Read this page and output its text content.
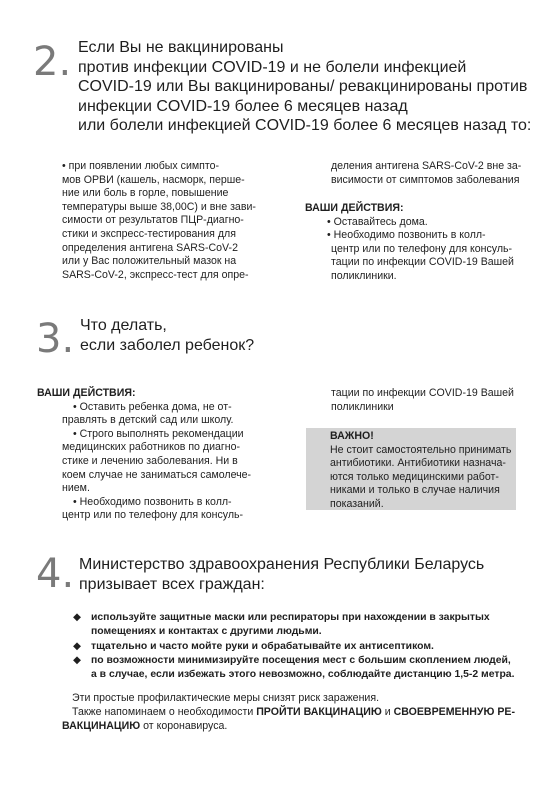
2. Если Вы не вакцинированы
против инфекции COVID-19 и не болели инфекцией
COVID-19 или Вы вакцинированы/ ревакцинированы против
инфекции COVID-19 более 6 месяцев назад
или болели инфекцией COVID-19 более 6 месяцев назад то:
• при появлении любых симпто-
мов ОРВИ (кашель, насморк, перше-
ние или боль в горле, повышение
температуры выше 38,00С) и вне зави-
симости от результатов ПЦР-диагно-
стики и экспресс-тестирования для
определения антигена SARS-CoV-2
или у Вас положительный мазок на
SARS-CoV-2, экспресс-тест для опре-
деления антигена SARS-CoV-2 вне за-
висимости от симптомов заболевания
ВАШИ ДЕЙСТВИЯ:
• Оставайтесь дома.
• Необходимо позвонить в колл-
центр или по телефону для консуль-
тации по инфекции COVID-19 Вашей
поликлиники.
3. Что делать,
если заболел ребенок?
ВАШИ ДЕЙСТВИЯ:
• Оставить ребенка дома, не от-
правлять в детский сад или школу.
• Строго выполнять рекомендации
медицинских работников по диагно-
стике и лечению заболевания. Ни в
коем случае не заниматься самолече-
нием.
• Необходимо позвонить в колл-
центр или по телефону для консуль-
тации по инфекции COVID-19 Вашей
поликлиники
ВАЖНО!
Не стоит самостоятельно принимать
антибиотики. Антибиотики назнача-
ются только медицинскими работ-
никами и только в случае наличия
показаний.
4. Министерство здравоохранения Республики Беларусь
призывает всех граждан:
◆ используйте защитные маски или респираторы при нахождении в закрытых
помещениях и контактах с другими людьми.
◆ тщательно и часто мойте руки и обрабатывайте их антисептиком.
◆ по возможности минимизируйте посещения мест с большим скоплением людей,
а в случае, если избежать этого невозможно, соблюдайте дистанцию 1,5-2 метра.
Эти простые профилактические меры снизят риск заражения.
Также напоминаем о необходимости ПРОЙТИ ВАКЦИНАЦИЮ и СВОЕВРЕМЕННУЮ РЕ-
ВАКЦИНАЦИЮ от коронавируса.
